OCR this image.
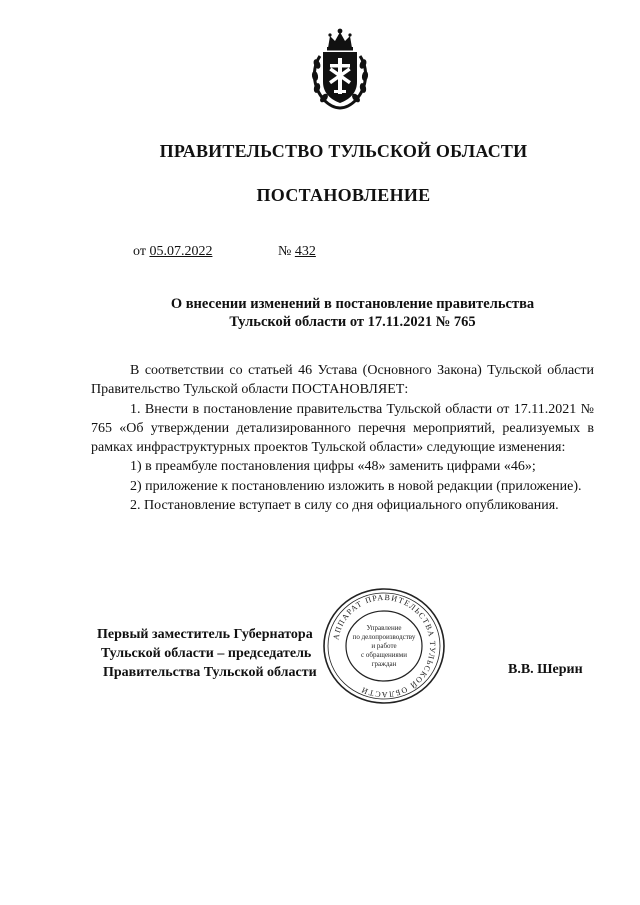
ПРАВИТЕЛЬСТВО ТУЛЬСКОЙ ОБЛАСТИ
ПОСТАНОВЛЕНИЕ
от 05.07.2022	№ 432
О внесении изменений в постановление правительства
Тульской области от 17.11.2021 № 765

В соответствии со статьей 46 Устава (Основного Закона) Тульской области Правительство Тульской области ПОСТАНОВЛЯЕТ:

1. Внести в постановление правительства Тульской области от 17.11.2021 № 765 «Об утверждении детализированного перечня мероприятий, реализуемых в рамках инфраструктурных проектов Тульской области» следующие изменения:

1) в преамбуле постановления цифры «48» заменить цифрами «46»;

2) приложение к постановлению изложить в новой редакции (приложение).

2. Постановление вступает в силу со дня официального опубликования.

Первый заместитель Губернатора
Тульской области – председатель
Правительства Тульской области	В.В. Шерин
АППАРАТ ПРАВИТЕЛЬСТВА ТУЛЬСКОЙ ОБЛАСТИ
Управление
по делопроизводству
и работе
с обращениями
граждан
